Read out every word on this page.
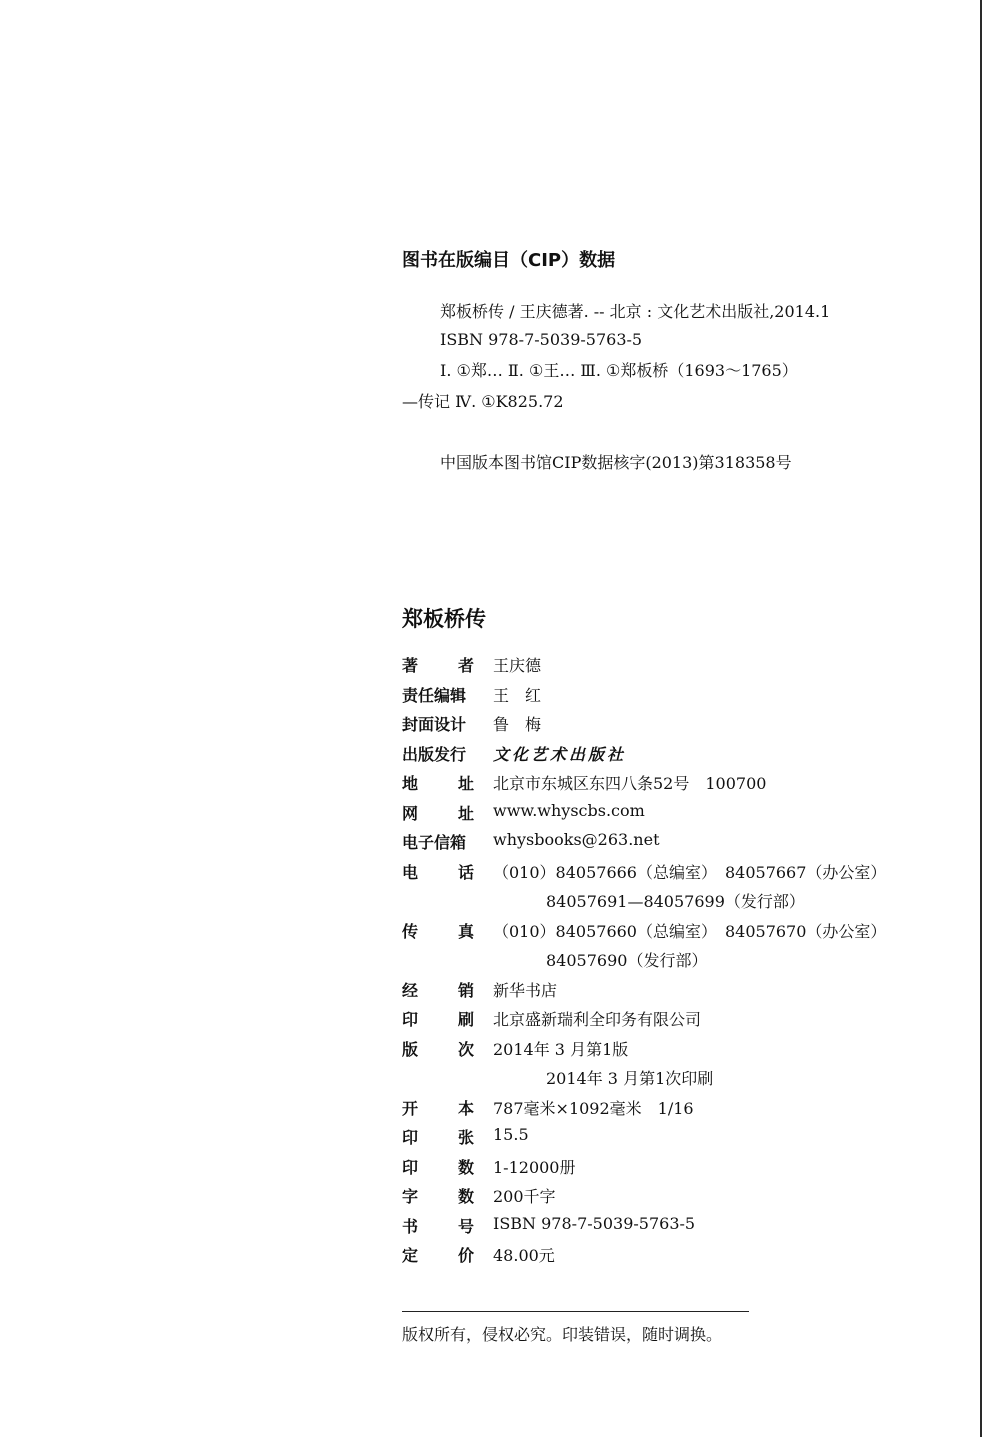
图书在版编目（CIP）数据
郑板桥传 / 王庆德著. -- 北京 : 文化艺术出版社,2014.1
ISBN 978-7-5039-5763-5
Ⅰ. ①郑… Ⅱ. ①王… Ⅲ. ①郑板桥（1693～1765）
—传记 Ⅳ. ①K825.72
中国版本图书馆CIP数据核字(2013)第318358号
郑板桥传
著 者 王庆德
责任编辑	王　红
封面设计	鲁　梅
出版发行	文化艺术出版社
地 址 北京市东城区东四八条52号　100700
网 址 www.whyscbs.com
电子信箱	whysbooks@263.net
电 话 （010）84057666（总编室）　84057667（办公室）
84057691—84057699（发行部）
传 真 （010）84057660（总编室）　84057670（办公室）
84057690（发行部）
经 销 新华书店
印 刷 北京盛新瑞利全印务有限公司
版 次 2014年 3 月第1版
2014年 3 月第1次印刷
开 本 787毫米×1092毫米　1/16
印 张 15.5
印 数 1-12000册
字 数 200千字
书 号 ISBN 978-7-5039-5763-5
定 价 48.00元
版权所有，侵权必究。印装错误，随时调换。
